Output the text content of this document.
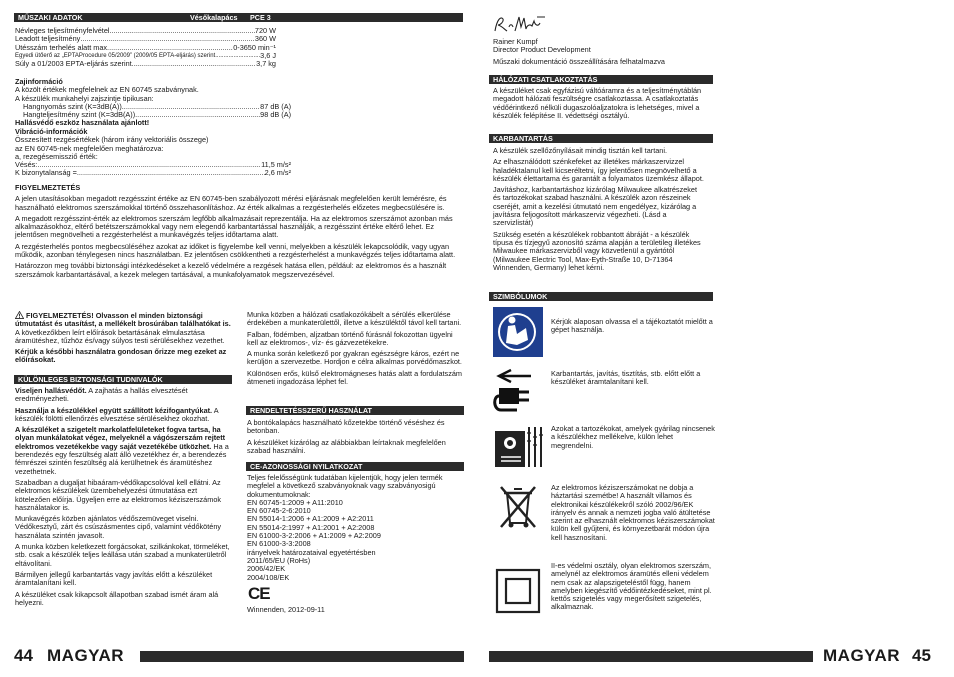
MŰSZAKI ADATOK	Vésőkalapács PCE 3
Névleges teljesítményfelvétel .....	720 W
Leadott teljesítmény .....	360 W
Ütésszám terhelés alatt max. .....	0-3650 min⁻¹
Egyedi ütőerő az „EPTAProcedure 05/2009” (2009/05 EPTA-eljárás) szerint .....	3,6 J
Súly a 01/2003 EPTA-eljárás szerint. .....	3,7 kg
Zajinformáció
A közölt értékek megfelelnek az EN 60745 szabványnak.
A készülék munkahelyi zajszintje tipikusan:
Hangnyomás szint (K=3dB(A)) .....	87 dB (A)
Hangteljesítmény szint (K=3dB(A)) .....	98 dB (A)
Hallásvédő eszköz használata ajánlott!
Vibráció-információk
Összesített rezgésértékek (három irány vektoriális összege)
az EN 60745-nek megfelelően meghatározva:
a, rezegésemissziő érték:
Vésés: .....	11,5 m/s²
K bizonytalanság = .....	2,6 m/s²

FIGYELMEZTETÉS

A jelen utasításokban megadott rezgésszint értéke az EN 60745-ben szabályozott mérési eljárásnak megfelelően került lemérésre, és használható elektromos szerszámokkal történő összehasonlításhoz. Az érték alkalmas a rezgésterhelés előzetes megbecsülésére is.

A megadott rezgésszint-érték az elektromos szerszám legfőbb alkalmazásait reprezentálja. Ha az elektromos szerszámot azonban más alkalmazásokhoz, eltérő betétszerszámokkal vagy nem elegendő karbantartással használják, a rezgésszint értéke eltérő lehet. Ez jelentősen megnövelheti a rezgésterhelést a munkavégzés teljes időtartama alatt.

A rezgésterhelés pontos megbecsüléséhez azokat az időket is figyelembe kell venni, melyekben a készülék lekapcsolódik, vagy ugyan működik, azonban ténylegesen nincs használatban. Ez jelentősen csökkentheti a rezgésterhelést a munkavégzés teljes időtartama alatt.

Határozzon meg további biztonsági intézkedéseket a kezelő védelmére a rezgések hatása ellen, például: az elektromos és a használt szerszámok karbantartásával, a kezek melegen tartásával, a munkafolyamatok megszervezésével.

FIGYELMEZTETÉS! Olvasson el minden biztonsági útmutatást és utasítást, a mellékelt brosúrában találhatókat is. A következőkben leírt előírások betartásának elmulasztása áramütéshez, tűzhöz és/vagy súlyos testi sérülésekhez vezethet.

Kérjük a későbbi használatra gondosan őrizze meg ezeket az előírásokat.

KÜLÖNLEGES BIZTONSÁGI TUDNIVALÓK

Viseljen hallásvédőt. A zajhatás a hallás elvesztését eredményezheti.

Használja a készülékkel együtt szállított kézifogantyúkat. A készülék fölötti ellenőrzés elvesztése sérülésekhez okozhat.

A készüléket a szigetelt markolatfelületeket fogva tartsa, ha olyan munkálatokat végez, melyeknél a vágószerszám rejtett elektromos vezetékekbe vagy saját vezetékébe ütközhet. Ha a berendezés egy feszültség alatt álló vezetékhez ér, a berendezés fémrészei szintén feszültség alá kerülhetnek és áramütéshez vezethetnek.

Szabadban a dugaljat hibaáram-védőkapcsolóval kell ellátni. Az elektromos készülékek üzembehelyezési útmutatása ezt kötelezően előírja. Ügyeljen erre az elektromos kéziszerszámok használatakor is.

Munkavégzés közben ajánlatos védőszemüveget viselni. Védőkesztyű, zárt és csúszásmentes cipő, valamint védőkötény használata szintén javasolt.

A munka közben keletkezett forgácsokat, szilkánkokat, törmeléket, stb. csak a készülék teljes leállása után szabad a munkaterületről eltávolítani.

Bármilyen jellegű karbantartás vagy javítás előtt a készüléket áramtalanítani kell.

A készüléket csak kikapcsolt állapotban szabad ismét áram alá helyezni.

Munka közben a hálózati csatlakozókábelt a sérülés elkerülése érdekében a munkaterülettől, illetve a készüléktől távol kell tartani.

Falban, födémben, aljzatban történő fúrásnál fokozottan ügyelni kell az elektromos-, víz- és gázvezetékekre.

A munka során keletkező por gyakran egészségre káros, ezért ne kerüljön a szervezetbe. Hordjon e célra alkalmas porvédőmaszkot.

Különösen erős, külső elektromágneses hatás alatt a fordulatszám átmeneti ingadozása léphet fel.

RENDELTETÉSSZERŰ HASZNÁLAT

A bontókalapács használható kőzetekbe történő véséshez és betonban.

A készüléket kizárólag az alábbiakban leírtaknak megfelelően szabad használni.

CE-AZONOSSÁGI NYILATKOZAT
Teljes felelősségünk tudatában kijelentjük, hogy jelen termék megfelel a következő szabványoknak vagy szabványosigú dokumentumoknak:
EN 60745-1:2009 + A11:2010
EN 60745-2-6:2010
EN 55014-1:2006 + A1:2009 + A2:2011
EN 55014-2:1997 + A1:2001 + A2:2008
EN 61000-3-2:2006 + A1:2009 + A2:2009
EN 61000-3-3:2008
irányelvek határozataival egyetértésben
2011/65/EU (RoHs)
2006/42/EK
2004/108/EK
CE
Winnenden, 2012-09-11
44 MAGYAR
Rainer Kumpf
Director Product Development
Műszaki dokumentáció összeállítására felhatalmazva
HÁLÓZATI CSATLAKOZTATÁS
A készüléket csak egyfázisú váltóáramra és a teljesítménytáblán megadott hálózati feszültségre csatlakoztassa. A csatlakoztatás védőérintkező nélküli dugaszolóaljzatokra is lehetséges, mivel a készülék felépítése II. védettségi osztályú.
KARBANTARTÁS

A készülék szellőzőnyílásait mindig tisztán kell tartani.

Az elhasználódott szénkefeket az illetékes márkaszervizzel haladéktalanul kell kicseréltetni, így jelentősen megnövelhető a készülék élettartama és garantált a folyamatos üzemkész állapot.

Javításhoz, karbantartáshoz kizárólag Milwaukee alkatrészeket és tartozékokat szabad használni. A készülék azon részeinek cseréjét, amit a kezelési útmutató nem engedélyez, kizárólag a javításra feljogosított márkaszerviz végezheti. (Lásd a szervizlistát)

Szükség esetén a készülékek robbantott ábráját - a készülék típusa és tízjegyű azonosító száma alapján a területileg illetékes Milwaukee márkaszervizből vagy közvetlenül a gyártótól (Milwaukee Electric Tool, Max-Eyth-Straße 10, D-71364 Winnenden, Germany) lehet kérni.

SZIMBÓLUMOK
Kérjük alaposan olvassa el a tájékoztatót mielőtt a gépet használja.
Karbantartás, javítás, tisztítás, stb. előtt előtt a készüléket áramtalanítani kell.
Azokat a tartozékokat, amelyek gyárilag nincsenek a készülékhez mellékelve, külön lehet megrendelni.
Az elektromos kéziszerszámokat ne dobja a háztartási szemétbe! A használt villamos és elektronikai készülékekről szóló 2002/96/EK irányelv és annak a nemzeti jogba való átültetése szerint az elhasznált elektromos kéziszerszámokat külön kell gyűjteni, és környezetbarát módon újra kell hasznosítani.
II-es védelmi osztály, olyan elektromos szerszám, amelynél az elektromos áramütés elleni védelem nem csak az alapszigeteléstől függ, hanem amelyben kiegészítő védőintézkedéseket, mint pl. kettős szigetelés vagy megerősített szigetelés, alkalmaznak.
MAGYAR 45
